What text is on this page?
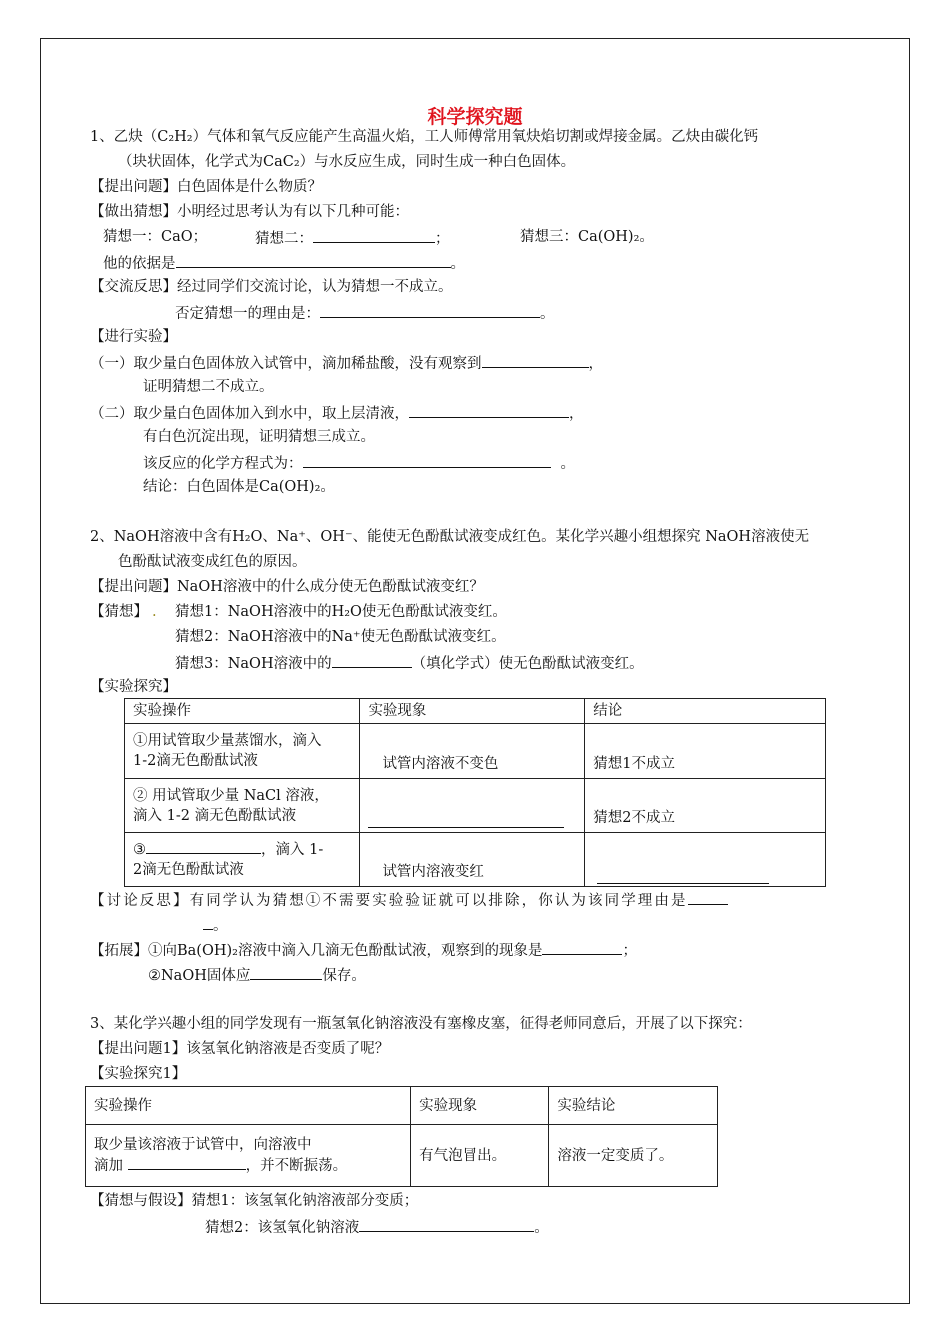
科学探究题
1、乙炔（C₂H₂）气体和氧气反应能产生高温火焰，工人师傅常用氧炔焰切割或焊接金属。乙炔由碳化钙
（块状固体，化学式为CaC₂）与水反应生成，同时生成一种白色固体。
【提出问题】白色固体是什么物质？
【做出猜想】小明经过思考认为有以下几种可能：
猜想一：CaO；	猜想二：	；	猜想三：Ca(OH)₂。
他的依据是	。
【交流反思】经过同学们交流讨论，认为猜想一不成立。
否定猜想一的理由是：	。
【进行实验】
（一）取少量白色固体放入试管中，滴加稀盐酸，没有观察到	，
证明猜想二不成立。
（二）取少量白色固体加入到水中，取上层清液，	，
有白色沉淀出现，证明猜想三成立。
该反应的化学方程式为：	。
结论：白色固体是Ca(OH)₂。
2、NaOH溶液中含有H₂O、Na⁺、OH⁻、能使无色酚酞试液变成红色。某化学兴趣小组想探究 NaOH溶液使无
色酚酞试液变成红色的原因。
【提出问题】NaOH溶液中的什么成分使无色酚酞试液变红？
【猜想】 . 猜想1：NaOH溶液中的H₂O使无色酚酞试液变红。
猜想2：NaOH溶液中的Na⁺使无色酚酞试液变红。
猜想3：NaOH溶液中的	（填化学式）使无色酚酞试液变红。
【实验探究】
实验操作	实验现象	结论

①用试管取少量蒸馏水，滴入
1-2滴无色酚酞试液	试管内溶液不变色	猜想1不成立

② 用试管取少量 NaCl 溶液，
滴入 1-2 滴无色酚酞试液		猜想2不成立

③ ，滴入 1-
2滴无色酚酞试液	试管内溶液变红	
【讨论反思】有同学认为猜想①不需要实验验证就可以排除，你认为该同学理由是
。
【拓展】①向Ba(OH)₂溶液中滴入几滴无色酚酞试液，观察到的现象是	；
②NaOH固体应	保存。
3、某化学兴趣小组的同学发现有一瓶氢氧化钠溶液没有塞橡皮塞，征得老师同意后，开展了以下探究：
【提出问题1】该氢氧化钠溶液是否变质了呢？
【实验探究1】
实验操作	实验现象	实验结论

取少量该溶液于试管中，向溶液中
滴加 ，并不断振荡。	有气泡冒出。	溶液一定变质了。
【猜想与假设】猜想1：该氢氧化钠溶液部分变质；
猜想2：该氢氧化钠溶液	。
